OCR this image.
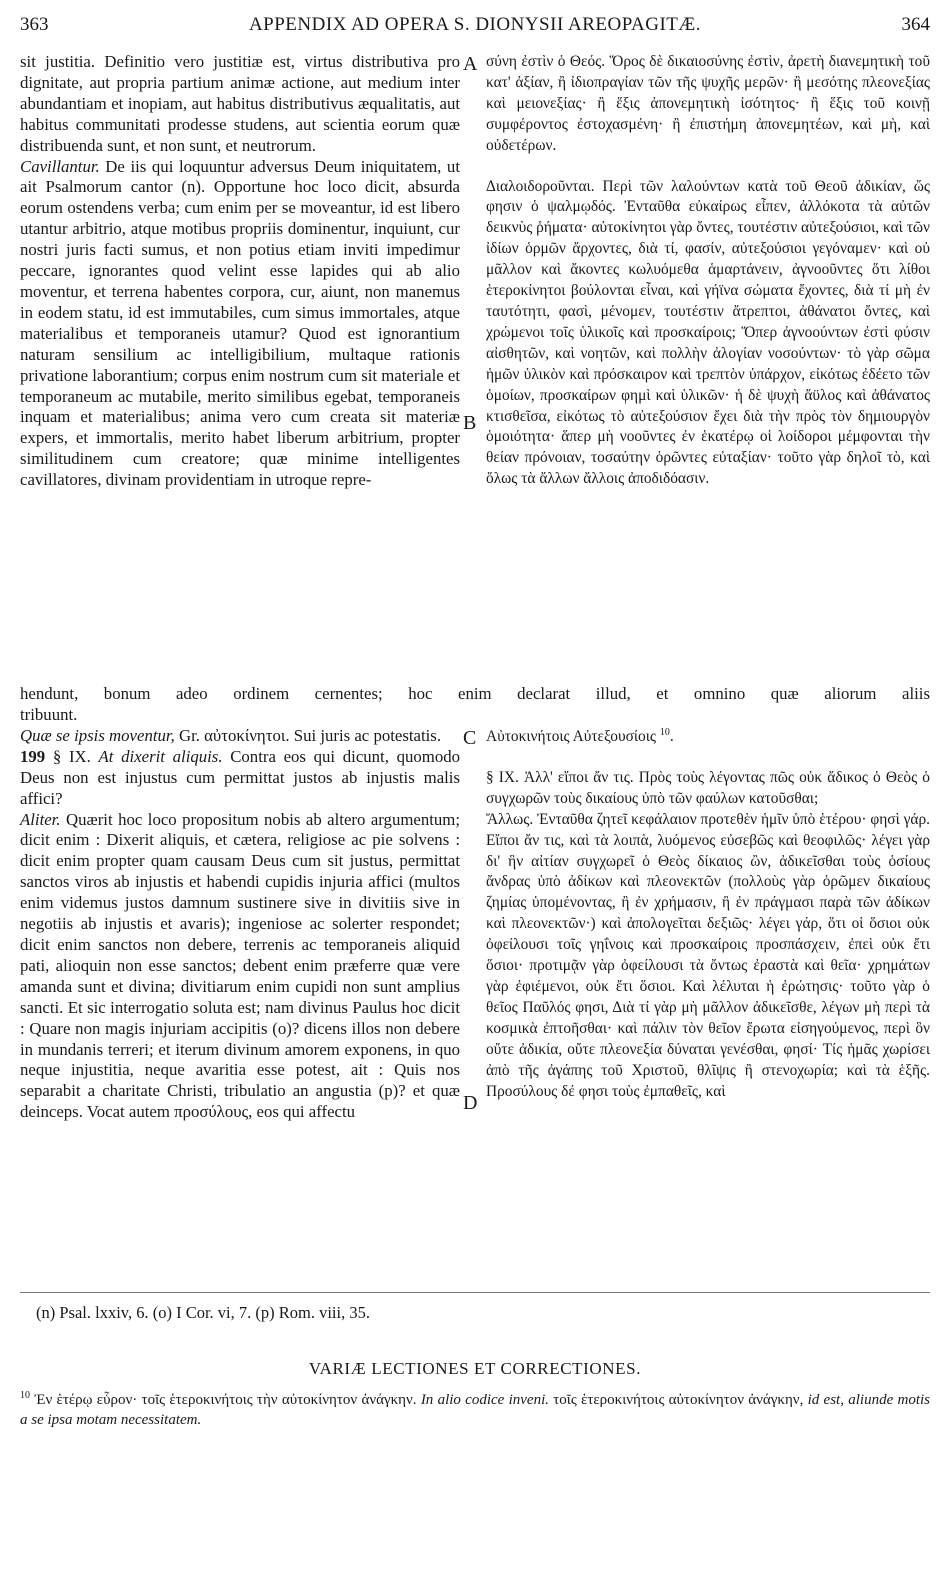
363	APPENDIX AD OPERA S. DIONYSII AREOPAGITÆ.	364

sit justitia. Definitio vero justitiæ est, virtus distributiva pro dignitate, aut propria partium animæ actione, aut medium inter abundantiam et inopiam, aut habitus distributivus æqualitatis, aut habitus communitati prodesse studens, aut scientia eorum quæ distribuenda sunt, et non sunt, et neutrorum.

Cavillantur. De iis qui loquuntur adversus Deum iniquitatem, ut ait Psalmorum cantor (n). Opportune hoc loco dicit, absurda eorum ostendens verba; cum enim per se moveantur, id est libero utantur arbitrio, atque motibus propriis dominentur, inquiunt, cur nostri juris facti sumus, et non potius etiam inviti impedimur peccare, ignorantes quod velint esse lapides qui ab alio moventur, et terrena habentes corpora, cur, aiunt, non manemus in eodem statu, id est immutabiles, cum simus immortales, atque materialibus et temporaneis utamur? Quod est ignorantium naturam sensilium ac intelligibilium, multaque rationis privatione laborantium; corpus enim nostrum cum sit materiale et temporaneum ac mutabile, merito similibus egebat, temporaneis inquam et materialibus; anima vero cum creata sit materiæ expers, et immortalis, merito habet liberum arbitrium, propter similitudinem cum creatore; quæ minime intelligentes cavillatores, divinam providentiam in utroque repre-

σύνη ἐστὶν ὁ Θεός. Ὅρος δὲ δικαιοσύνης ἐστὶν, ἀρετὴ διανεμητικὴ τοῦ κατ' ἀξίαν, ἢ ἰδιοπραγίαν τῶν τῆς ψυχῆς μερῶν· ἢ μεσότης πλεονεξίας καὶ μειονεξίας· ἢ ἕξις ἀπονεμητικὴ ἰσότητος· ἢ ἕξις τοῦ κοινῇ συμφέροντος ἐστοχασμένη· ἢ ἐπιστήμη ἀπονεμητέων, καὶ μὴ, καὶ οὐδετέρων.

Διαλοιδοροῦνται. Περὶ τῶν λαλούντων κατὰ τοῦ Θεοῦ ἀδικίαν, ὥς φησιν ὁ ψαλμῳδός. Ἐνταῦθα εὐκαίρως εἶπεν, ἀλλόκοτα τὰ αὐτῶν δεικνὺς ῥήματα· αὐτοκίνητοι γὰρ ὄντες, τουτέστιν αὐτεξούσιοι, καὶ τῶν ἰδίων ὁρμῶν ἄρχοντες, διὰ τί, φασίν, αὐτεξούσιοι γεγόναμεν· καὶ οὐ μᾶλλον καὶ ἄκοντες κωλυόμεθα ἁμαρτάνειν, ἀγνοοῦντες ὅτι λίθοι ἑτεροκίνητοι βούλονται εἶναι, καὶ γήϊνα σώματα ἔχοντες, διὰ τί μὴ ἐν ταυτότητι, φασὶ, μένομεν, τουτέστιν ἄτρεπτοι, ἀθάνατοι ὄντες, καὶ χρώμενοι τοῖς ὑλικοῖς καὶ προσκαίροις; Ὅπερ ἀγνοούντων ἐστὶ φύσιν αἰσθητῶν, καὶ νοητῶν, καὶ πολλὴν ἀλογίαν νοσούντων· τὸ γὰρ σῶμα ἡμῶν ὑλικὸν καὶ πρόσκαιρον καὶ τρεπτὸν ὑπάρχον, εἰκότως ἐδέετο τῶν ὁμοίων, προσκαίρων φημὶ καὶ ὑλικῶν· ἡ δὲ ψυχὴ ἄϋλος καὶ ἀθάνατος κτισθεῖσα, εἰκότως τὸ αὐτεξούσιον ἔχει διὰ τὴν πρὸς τὸν δημιουργὸν ὁμοιότητα· ἅπερ μὴ νοοῦντες ἐν ἑκατέρῳ οἱ λοίδοροι μέμφονται τὴν θείαν πρόνοιαν, τοσαύτην ὁρῶντες εὐταξίαν· τοῦτο γὰρ δηλοῖ τὸ, καὶ ὅλως τὰ ἄλλων ἄλλοις ἀποδιδόασιν.

hendunt, bonum adeo ordinem cernentes; hoc enim declarat illud, et omnino quæ aliorum aliis

tribuunt.

Quæ se ipsis moventur, Gr. αὐτοκίνητοι. Sui juris ac potestatis.

199 § IX. At dixerit aliquis. Contra eos qui dicunt, quomodo Deus non est injustus cum permittat justos ab injustis malis affici?

Aliter. Quærit hoc loco propositum nobis ab altero argumentum; dicit enim : Dixerit aliquis, et cætera, religiose ac pie solvens : dicit enim propter quam causam Deus cum sit justus, permittat sanctos viros ab injustis et habendi cupidis injuria affici (multos enim videmus justos damnum sustinere sive in divitiis sive in negotiis ab injustis et avaris); ingeniose ac solerter respondet; dicit enim sanctos non debere, terrenis ac temporaneis aliquid pati, alioquin non esse sanctos; debent enim præferre quæ vere amanda sunt et divina; divitiarum enim cupidi non sunt amplius sancti. Et sic interrogatio soluta est; nam divinus Paulus hoc dicit : Quare non magis injuriam accipitis (o)? dicens illos non debere in mundanis terreri; et iterum divinum amorem exponens, in quo neque injustitia, neque avaritia esse potest, ait : Quis nos separabit a charitate Christi, tribulatio an angustia (p)? et quæ deinceps. Vocat autem προσύλους, eos qui affectu

Αὐτοκινήτοις Αὐτεξουσίοις $^{10}$.

§ IX. Ἀλλ' εἴποι ἄν τις. Πρὸς τοὺς λέγοντας πῶς οὐκ ἄδικος ὁ Θεὸς ὁ συγχωρῶν τοὺς δικαίους ὑπὸ τῶν φαύλων κατοῦσθαι;

Ἄλλως. Ἐνταῦθα ζητεῖ κεφάλαιον προτεθὲν ἡμῖν ὑπὸ ἑτέρου· φησὶ γάρ. Εἴποι ἄν τις, καὶ τὰ λοιπὰ, λυόμενος εὐσεβῶς καὶ θεοφιλῶς· λέγει γὰρ δι' ἣν αἰτίαν συγχωρεῖ ὁ Θεὸς δίκαιος ὢν, ἀδικεῖσθαι τοὺς ὁσίους ἄνδρας ὑπὸ ἀδίκων καὶ πλεονεκτῶν (πολλοὺς γὰρ ὁρῶμεν δικαίους ζημίας ὑπομένοντας, ἢ ἐν χρήμασιν, ἢ ἐν πράγμασι παρὰ τῶν ἀδίκων καὶ πλεονεκτῶν·) καὶ ἀπολογεῖται δεξιῶς· λέγει γάρ, ὅτι οἱ ὅσιοι οὐκ ὀφείλουσι τοῖς γηΐνοις καὶ προσκαίροις προσπάσχειν, ἐπεὶ οὐκ ἔτι ὅσιοι· προτιμᾷν γὰρ ὀφείλουσι τὰ ὄντως ἐραστὰ καὶ θεῖα· χρημάτων γὰρ ἐφιέμενοι, οὐκ ἔτι ὅσιοι. Καὶ λέλυται ἡ ἐρώτησις· τοῦτο γὰρ ὁ θεῖος Παῦλός φησι, Διὰ τί γὰρ μὴ μᾶλλον ἀδικεῖσθε, λέγων μὴ περὶ τὰ κοσμικὰ ἐπτοῆσθαι· καὶ πάλιν τὸν θεῖον ἔρωτα εἰσηγούμενος, περὶ ὃν οὔτε ἀδικία, οὔτε πλεονεξία δύναται γενέσθαι, φησί· Τίς ἡμᾶς χωρίσει ἀπὸ τῆς ἀγάπης τοῦ Χριστοῦ, θλῖψις ἢ στενοχωρία; καὶ τὰ ἑξῆς. Προσύλους δέ φησι τοὺς ἐμπαθεῖς, καὶ

A
B
C
D
(n) Psal. lxxiv, 6. (o) I Cor. vi, 7. (p) Rom. viii, 35.
VARIÆ LECTIONES ET CORRECTIONES.
$^{10}$ Ἐν ἑτέρῳ εὗρον· τοῖς ἑτεροκινήτοις τὴν αὐτοκίνητον ἀνάγκην. In alio codice inveni. τοῖς ἑτεροκινήτοις αὐτοκίνητον ἀνάγκην, id est, aliunde motis a se ipsa motam necessitatem.
